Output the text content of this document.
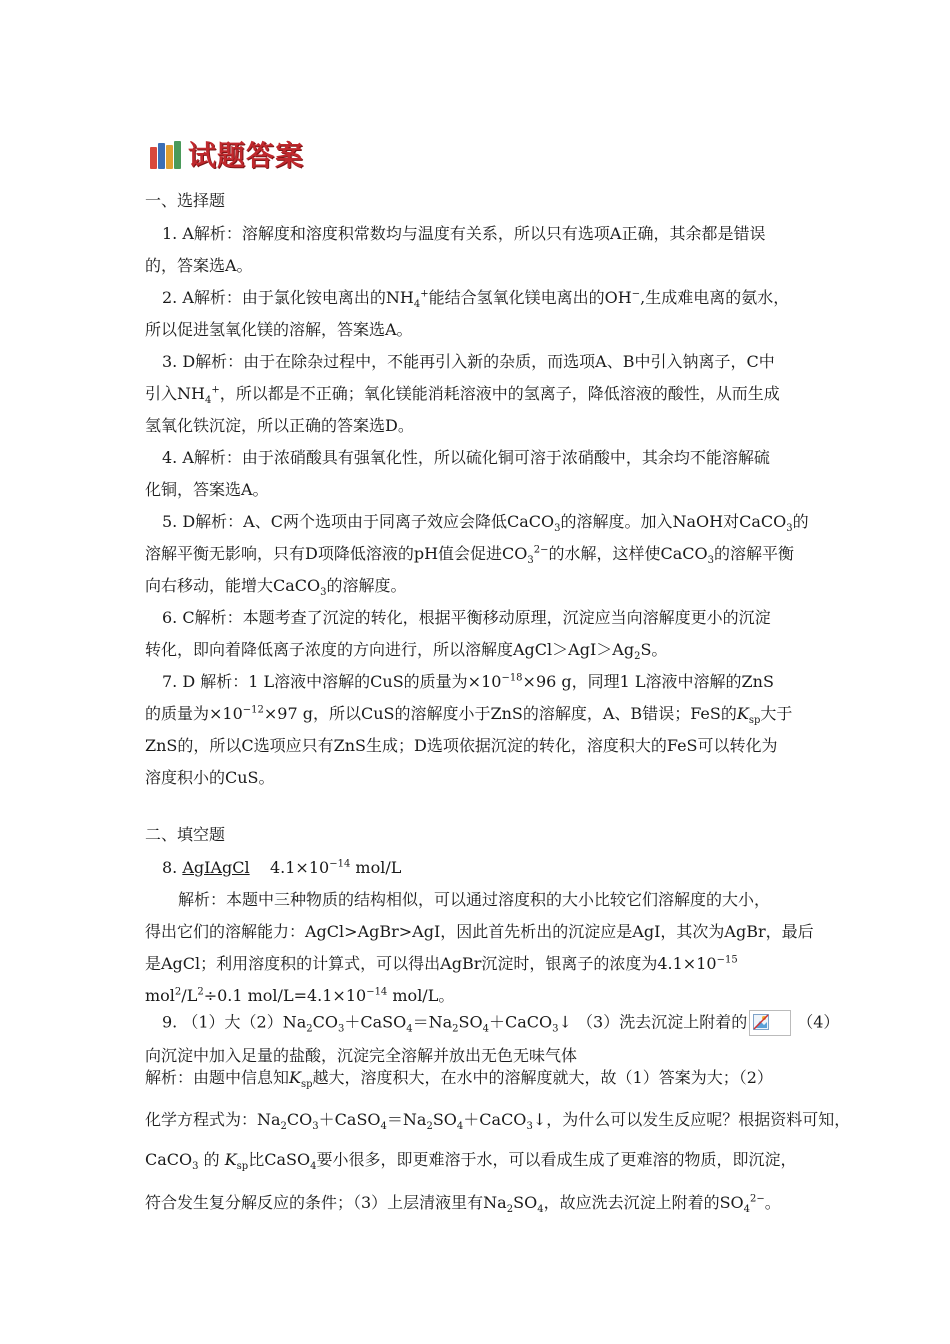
试题答案
一、选择题
1. A解析：溶解度和溶度积常数均与温度有关系，所以只有选项A正确，其余都是错误
的，答案选A。
2. A解析：由于氯化铵电离出的$NH_4^+$能结合氢氧化镁电离出的OH−,生成难电离的氨水，
所以促进氢氧化镁的溶解，答案选A。
3. D解析：由于在除杂过程中，不能再引入新的杂质，而选项A、B中引入钠离子，C中
引入$NH_4^+$，所以都是不正确；氧化镁能消耗溶液中的氢离子，降低溶液的酸性，从而生成
氢氧化铁沉淀，所以正确的答案选D。
4. A解析：由于浓硝酸具有强氧化性，所以硫化铜可溶于浓硝酸中，其余均不能溶解硫
化铜，答案选A。
5. D解析：A、C两个选项由于同离子效应会降低CaCO$_3$的溶解度。加入NaOH对CaCO$_3$的
溶解平衡无影响，只有D项降低溶液的pH值会促进$CO_3^{2-}$的水解，这样使CaCO$_3$的溶解平衡
向右移动，能增大CaCO$_3$的溶解度。
6. C解析：本题考查了沉淀的转化，根据平衡移动原理，沉淀应当向溶解度更小的沉淀
转化，即向着降低离子浓度的方向进行，所以溶解度$AgCl>AgI>Ag_2S$。
7. D 解析：1 L溶液中溶解的CuS的质量为$\times 10^{-18}\times 96$ g，同理1 L溶液中溶解的ZnS
的质量为$\times 10^{-12}\times 97$ g，所以CuS的溶解度小于ZnS的溶解度，A、B错误；FeS的$K_{sp}$大于
ZnS的，所以C选项应只有ZnS生成；D选项依据沉淀的转化，溶度积大的FeS可以转化为
溶度积小的CuS。
二、填空题
8. AgIAgCl $4.1\times 10^{-14}$ mol/L
解析：本题中三种物质的结构相似，可以通过溶度积的大小比较它们溶解度的大小，
得出它们的溶解能力：AgCl>AgBr>AgI，因此首先析出的沉淀应是AgI，其次为AgBr，最后
是AgCl；利用溶度积的计算式，可以得出AgBr沉淀时，银离子的浓度为$4.1\times 10^{-15}$
$mol^2/L^2\div 0.1$ mol/$L=4.1\times 10^{-14}$ mol/L。
9. （1）大$(2)Na_2CO_3+CaSO_4=Na_2SO_4+CaCO_3↓$ （3）洗去沉淀上附着的	（4）
向沉淀中加入足量的盐酸，沉淀完全溶解并放出无色无味气体
解析：由题中信息知$K_{sp}$越大，溶度积大，在水中的溶解度就大，故（1）答案为大；（2）
化学方程式为：$Na_2CO_3+CaSO_4=Na_2SO_4+CaCO_3↓$，为什么可以发生反应呢？根据资料可知，
CaCO$_3$ 的 $K_{sp}$比CaSO$_4$要小很多，即更难溶于水，可以看成生成了更难溶的物质，即沉淀，
符合发生复分解反应的条件；（3）上层清液里有$Na_2SO_4$，故应洗去沉淀上附着的$SO_4^{2-}$。
